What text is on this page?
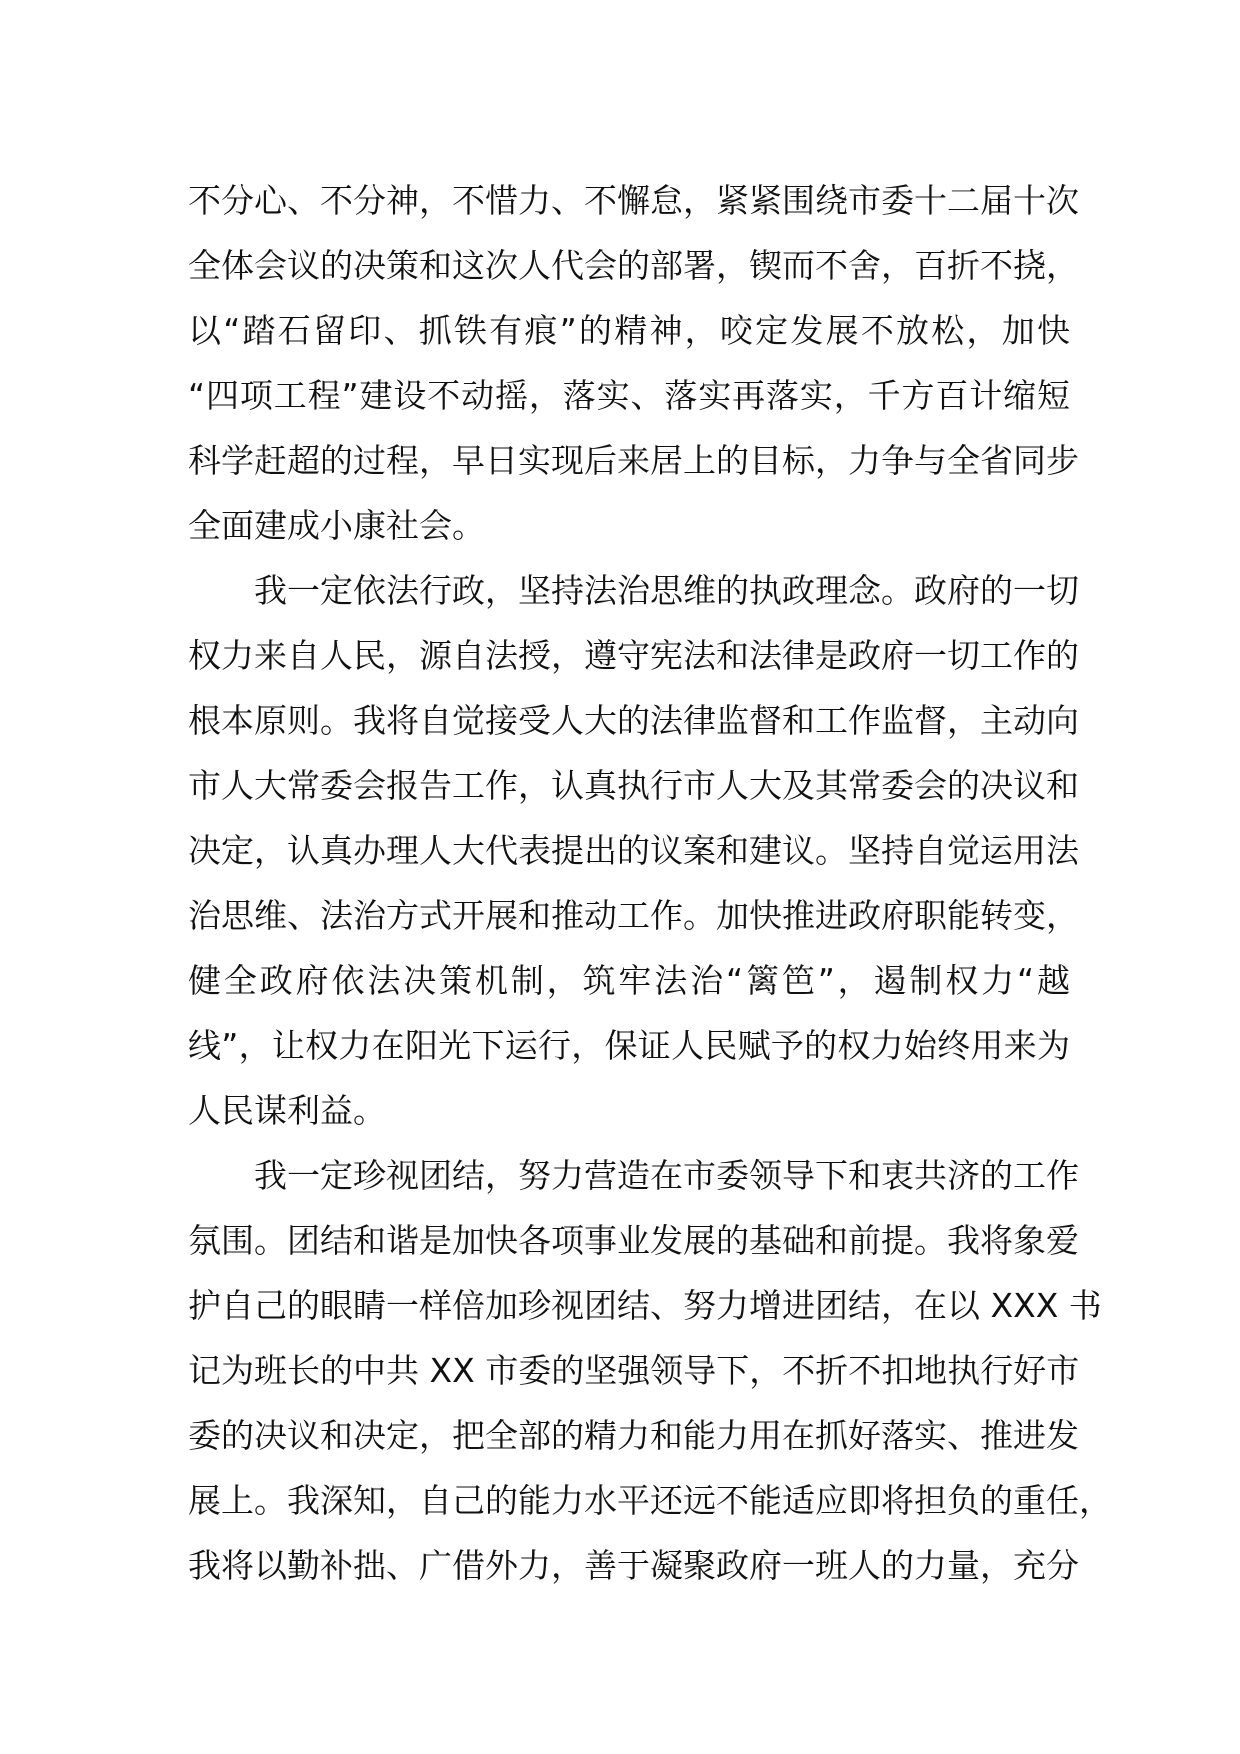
不分心、不分神，不惜力、不懈怠，紧紧围绕市委十二届十次
全体会议的决策和这次人代会的部署，锲而不舍，百折不挠，
以“踏石留印、抓铁有痕”的精神，咬定发展不放松，加快
“四项工程”建设不动摇，落实、落实再落实，千方百计缩短
科学赶超的过程，早日实现后来居上的目标，力争与全省同步
全面建成小康社会。
我一定依法行政，坚持法治思维的执政理念。政府的一切
权力来自人民，源自法授，遵守宪法和法律是政府一切工作的
根本原则。我将自觉接受人大的法律监督和工作监督，主动向
市人大常委会报告工作，认真执行市人大及其常委会的决议和
决定，认真办理人大代表提出的议案和建议。坚持自觉运用法
治思维、法治方式开展和推动工作。加快推进政府职能转变，
健全政府依法决策机制，筑牢法治“篱笆”，遏制权力“越
线”，让权力在阳光下运行，保证人民赋予的权力始终用来为
人民谋利益。
我一定珍视团结，努力营造在市委领导下和衷共济的工作
氛围。团结和谐是加快各项事业发展的基础和前提。我将象爱
护自己的眼睛一样倍加珍视团结、努力增进团结，在以 XXX 书
记为班长的中共 XX 市委的坚强领导下，不折不扣地执行好市
委的决议和决定，把全部的精力和能力用在抓好落实、推进发
展上。我深知，自己的能力水平还远不能适应即将担负的重任，
我将以勤补拙、广借外力，善于凝聚政府一班人的力量，充分
